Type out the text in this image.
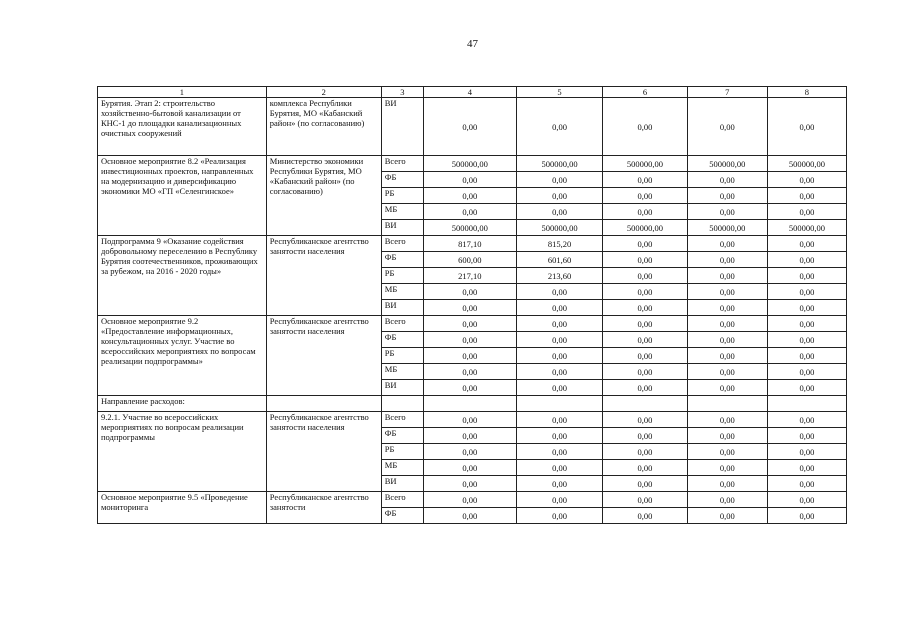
47
1	2	3	4	5	6	7	8
Бурятия. Этап 2: строительство хозяйственно-бытовой канализации от КНС-1 до площадки канализационных очистных сооружений	комплекса Республики Бурятия, МО «Кабанский район» (по согласованию)	ВИ	0,00	0,00	0,00	0,00	0,00
Основное мероприятие 8.2 «Реализация инвестиционных проектов, направленных на модернизацию и диверсификацию экономики МО «ГП «Селенгинское»	Министерство экономики Республики Бурятия, МО «Кабанский район» (по согласованию)	Всего	500000,00	500000,00	500000,00	500000,00	500000,00
		ФБ	0,00	0,00	0,00	0,00	0,00
		РБ	0,00	0,00	0,00	0,00	0,00
		МБ	0,00	0,00	0,00	0,00	0,00
		ВИ	500000,00	500000,00	500000,00	500000,00	500000,00
Подпрограмма 9 «Оказание содействия добровольному переселению в Республику Бурятия соотечественников, проживающих за рубежом, на 2016 - 2020 годы»	Республиканское агентство занятости населения	Всего	817,10	815,20	0,00	0,00	0,00
		ФБ	600,00	601,60	0,00	0,00	0,00
		РБ	217,10	213,60	0,00	0,00	0,00
		МБ	0,00	0,00	0,00	0,00	0,00
		ВИ	0,00	0,00	0,00	0,00	0,00
Основное мероприятие 9.2 «Предоставление информационных, консультационных услуг. Участие во всероссийских мероприятиях по вопросам реализации подпрограммы»	Республиканское агентство занятости населения	Всего	0,00	0,00	0,00	0,00	0,00
		ФБ	0,00	0,00	0,00	0,00	0,00
		РБ	0,00	0,00	0,00	0,00	0,00
		МБ	0,00	0,00	0,00	0,00	0,00
		ВИ	0,00	0,00	0,00	0,00	0,00
Направление расходов:							
9.2.1. Участие во всероссийских мероприятиях по вопросам реализации подпрограммы	Республиканское агентство занятости населения	Всего	0,00	0,00	0,00	0,00	0,00
		ФБ	0,00	0,00	0,00	0,00	0,00
		РБ	0,00	0,00	0,00	0,00	0,00
		МБ	0,00	0,00	0,00	0,00	0,00
		ВИ	0,00	0,00	0,00	0,00	0,00
Основное мероприятие 9.5 «Проведение мониторинга	Республиканское агентство занятости	Всего	0,00	0,00	0,00	0,00	0,00
		ФБ	0,00	0,00	0,00	0,00	0,00
